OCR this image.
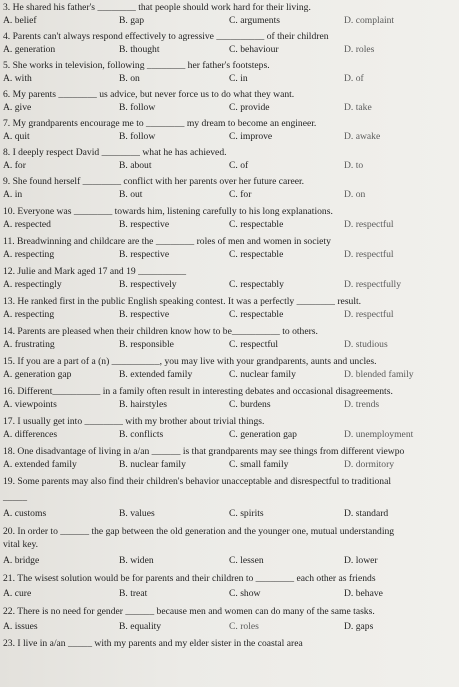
3. He shared his father's ________ that people should work hard for their living.
A. belief	B. gap	C. arguments	D. complaint
4. Parents can't always respond effectively to agressive __________ of their children
A. generation	B. thought	C. behaviour	D. roles
5. She works in television, following ________ her father's footsteps.
A. with	B. on	C. in	D. of
6. My parents ________ us advice, but never force us to do what they want.
A. give	B. follow	C. provide	D. take
7. My grandparents encourage me to ________ my dream to become an engineer.
A. quit	B. follow	C. improve	D. awake
8. I deeply respect David ________ what he has achieved.
A. for	B. about	C. of	D. to
9. She found herself ________ conflict with her parents over her future career.
A. in	B. out	C. for	D. on
10. Everyone was ________ towards him, listening carefully to his long explanations.
A. respected	B. respective	C. respectable	D. respectful
11. Breadwinning and childcare are the ________ roles of men and women in society
A. respecting	B. respective	C. respectable	D. respectful
12. Julie and Mark aged 17 and 19 __________
A. respectingly	B. respectively	C. respectably	D. respectfully
13. He ranked first in the public English speaking contest. It was a perfectly ________ result.
A. respecting	B. respective	C. respectable	D. respectful
14. Parents are pleased when their children know how to be__________ to others.
A. frustrating	B. responsible	C. respectful	D. studious
15. If you are a part of a (n) __________, you may live with your grandparents, aunts and uncles.
A. generation gap	B. extended family	C. nuclear family	D. blended family
16. Different__________ in a family often result in interesting debates and occasional disagreements.
A. viewpoints	B. hairstyles	C. burdens	D. trends
17. I usually get into ________ with my brother about trivial things.
A. differences	B. conflicts	C. generation gap	D. unemployment
18. One disadvantage of living in a/an ______ is that grandparents may see things from different viewpo
A. extended family	B. nuclear family	C. small family	D. dormitory
19. Some parents may also find their children's behavior unacceptable and disrespectful to traditional
_____
A. customs	B. values	C. spirits	D. standard
20. In order to ______ the gap between the old generation and the younger one, mutual understanding
vital key.
A. bridge	B. widen	C. lessen	D. lower
21. The wisest solution would be for parents and their children to ________ each other as friends
A. cure	B. treat	C. show	D. behave
22. There is no need for gender ______ because men and women can do many of the same tasks.
A. issues	B. equality	C. roles	D. gaps
23. I live in a/an _____ with my parents and my elder sister in the coastal area
